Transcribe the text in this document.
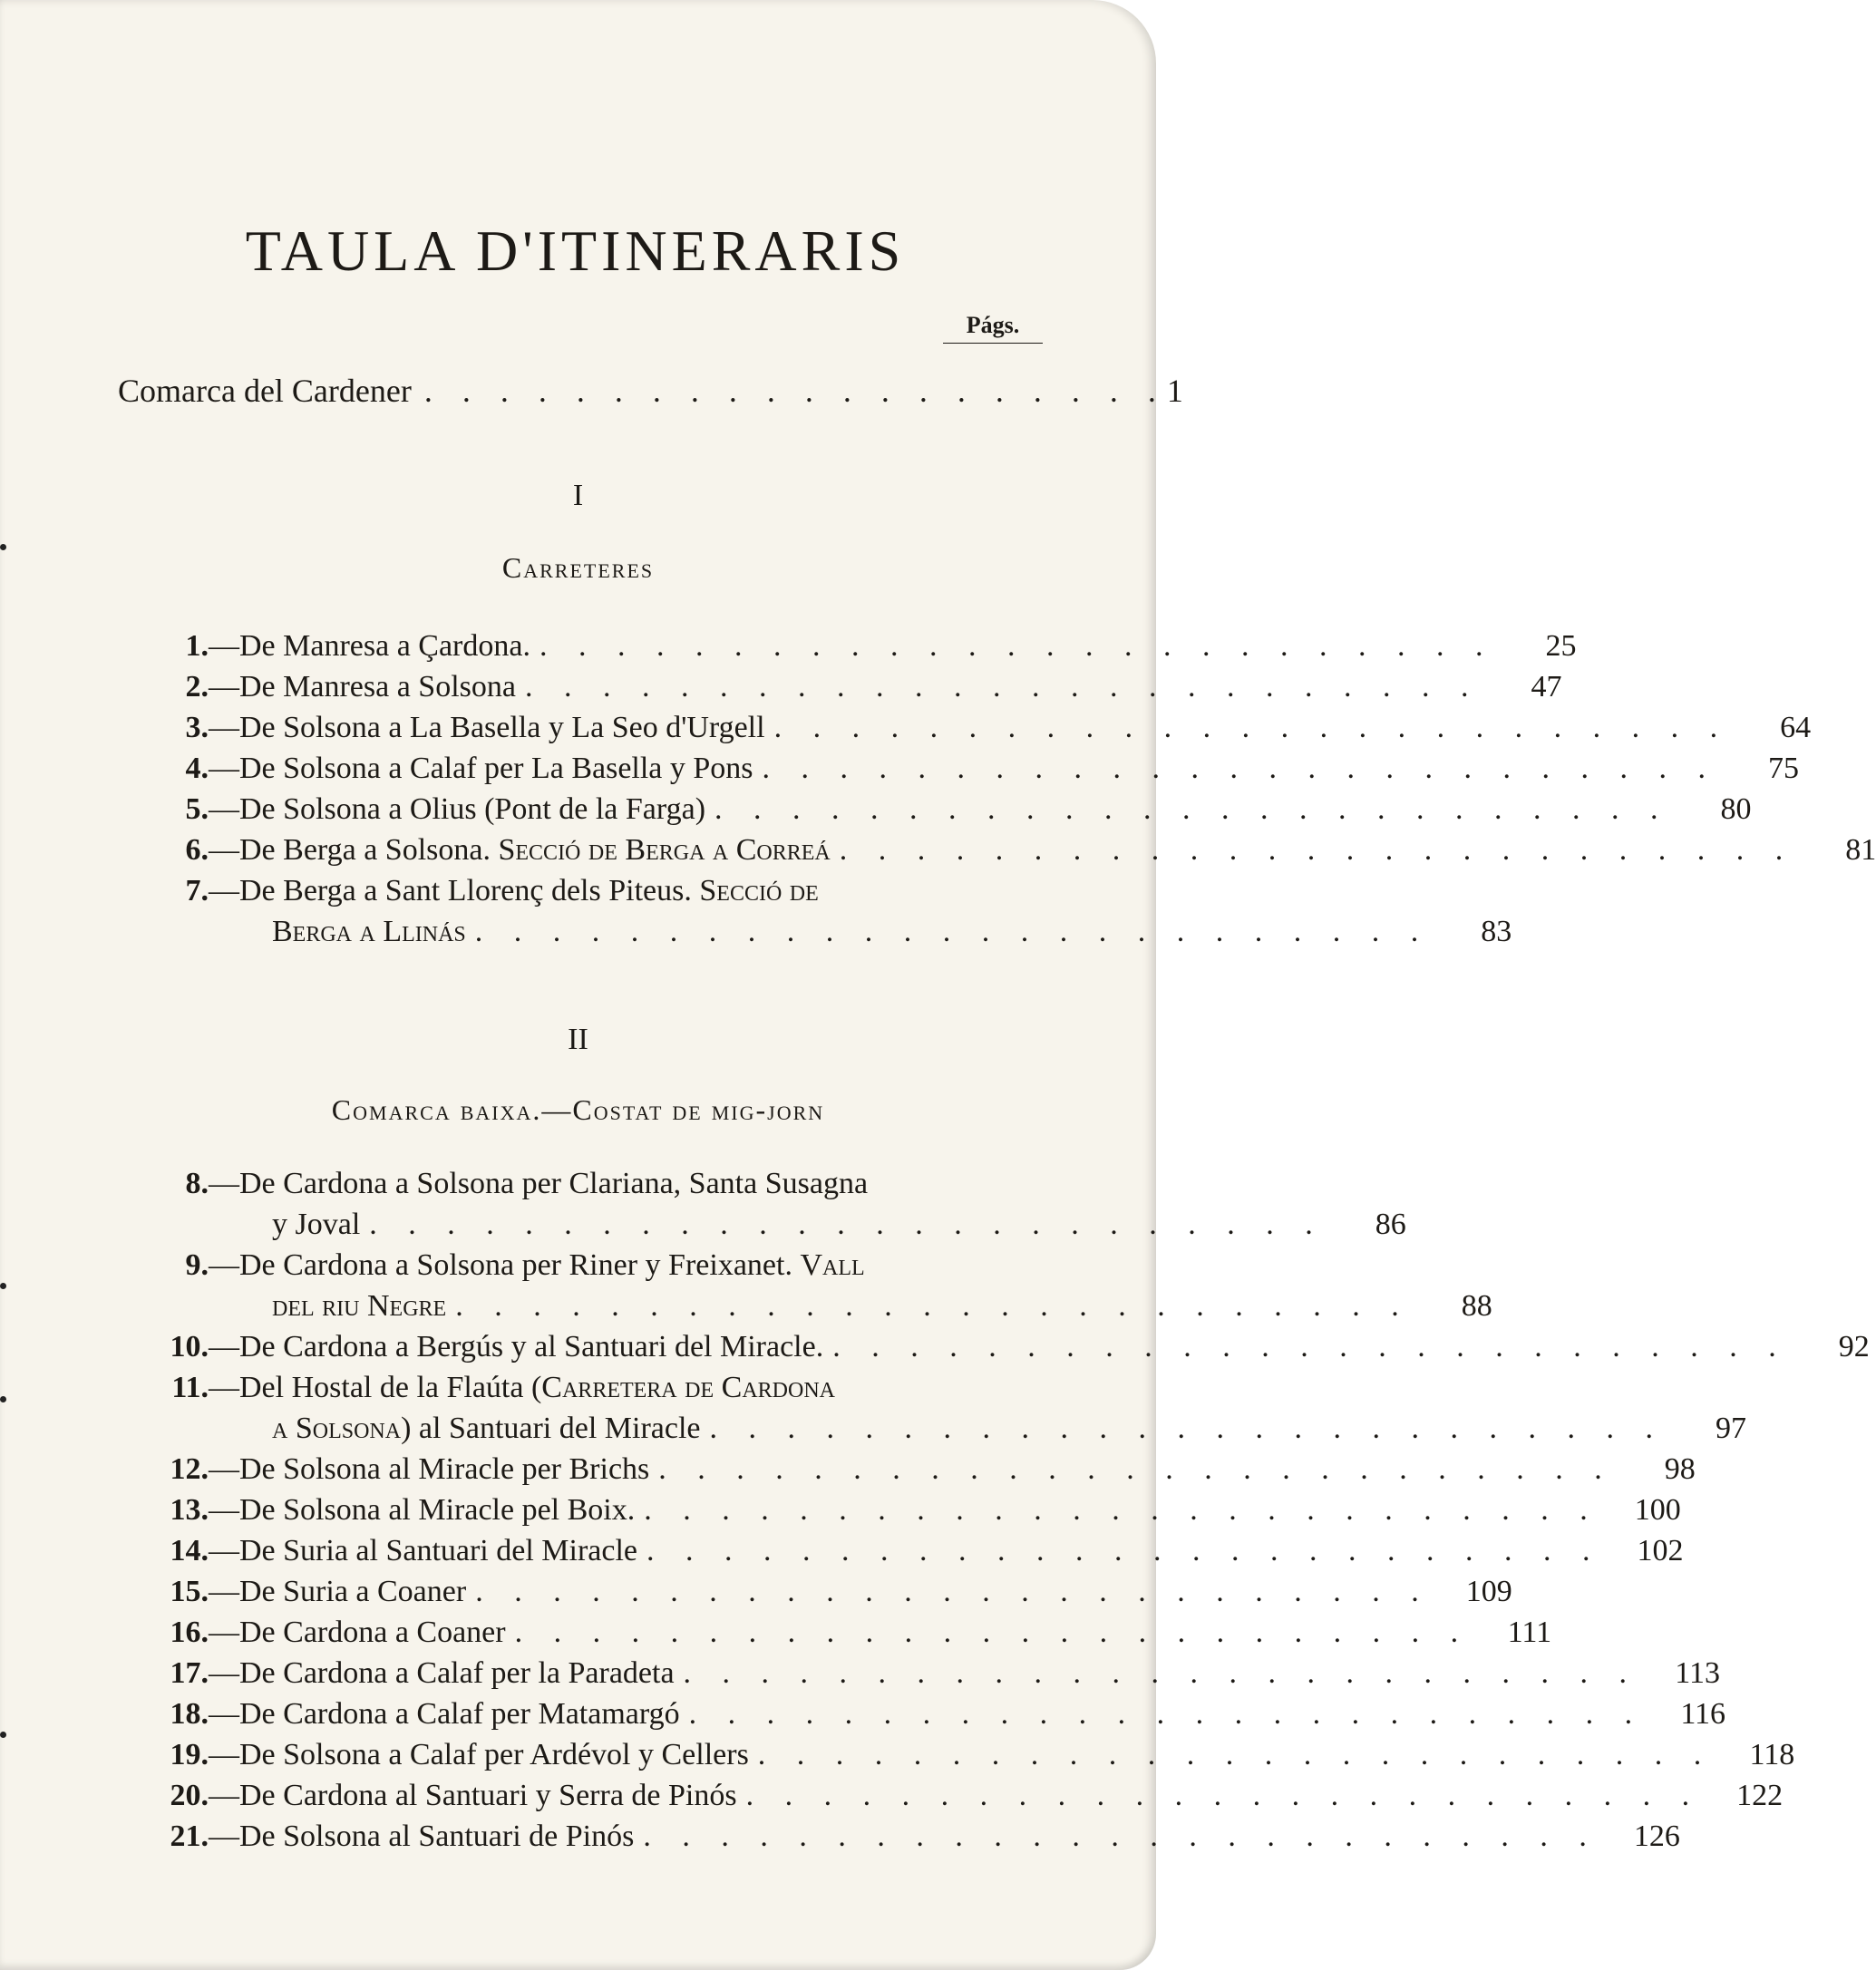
TAULA D'ITINERARIS
Págs.
Comarca del Cardener . . . . . . . . . . . . . . . . . . . . 1
I
Carreteres
1.—De Manresa a Çardona. . . . . . . . . . . . . . . . . . . . . . . . . .	25
2.—De Manresa a Solsona . . . . . . . . . . . . . . . . . . . . . . . . .	47
3.—De Solsona a La Basella y La Seo d'Urgell . . . . . . . . . . . . . . . . . . . . . . . . .	64
4.—De Solsona a Calaf per La Basella y Pons . . . . . . . . . . . . . . . . . . . . . . . . .	75
5.—De Solsona a Olius (Pont de la Farga) . . . . . . . . . . . . . . . . . . . . . . . . .	80
6.—De Berga a Solsona. Secció de Berga a Correá . . . . . . . . . . . . . . . . . . . . . . . . .	81
7.—De Berga a Sant Llorenç dels Piteus. Secció de
Berga a Llinás . . . . . . . . . . . . . . . . . . . . . . . . .	83
II
Comarca baixa.—Costat de mig-jorn
8.—De Cardona a Solsona per Clariana, Santa Susagna
y Joval . . . . . . . . . . . . . . . . . . . . . . . . .	86
9.—De Cardona a Solsona per Riner y Freixanet. Vall
del riu Negre . . . . . . . . . . . . . . . . . . . . . . . . .	88
10.—De Cardona a Bergús y al Santuari del Miracle. . . . . . . . . . . . . . . . . . . . . . . . . .	92
11.—Del Hostal de la Flaúta (Carretera de Cardona
a Solsona) al Santuari del Miracle . . . . . . . . . . . . . . . . . . . . . . . . .	97
12.—De Solsona al Miracle per Brichs . . . . . . . . . . . . . . . . . . . . . . . . .	98
13.—De Solsona al Miracle pel Boix. . . . . . . . . . . . . . . . . . . . . . . . . .	100
14.—De Suria al Santuari del Miracle . . . . . . . . . . . . . . . . . . . . . . . . .	102
15.—De Suria a Coaner . . . . . . . . . . . . . . . . . . . . . . . . .	109
16.—De Cardona a Coaner . . . . . . . . . . . . . . . . . . . . . . . . .	111
17.—De Cardona a Calaf per la Paradeta . . . . . . . . . . . . . . . . . . . . . . . . .	113
18.—De Cardona a Calaf per Matamargó . . . . . . . . . . . . . . . . . . . . . . . . .	116
19.—De Solsona a Calaf per Ardévol y Cellers . . . . . . . . . . . . . . . . . . . . . . . . .	118
20.—De Cardona al Santuari y Serra de Pinós . . . . . . . . . . . . . . . . . . . . . . . . .	122
21.—De Solsona al Santuari de Pinós . . . . . . . . . . . . . . . . . . . . . . . . .	126
